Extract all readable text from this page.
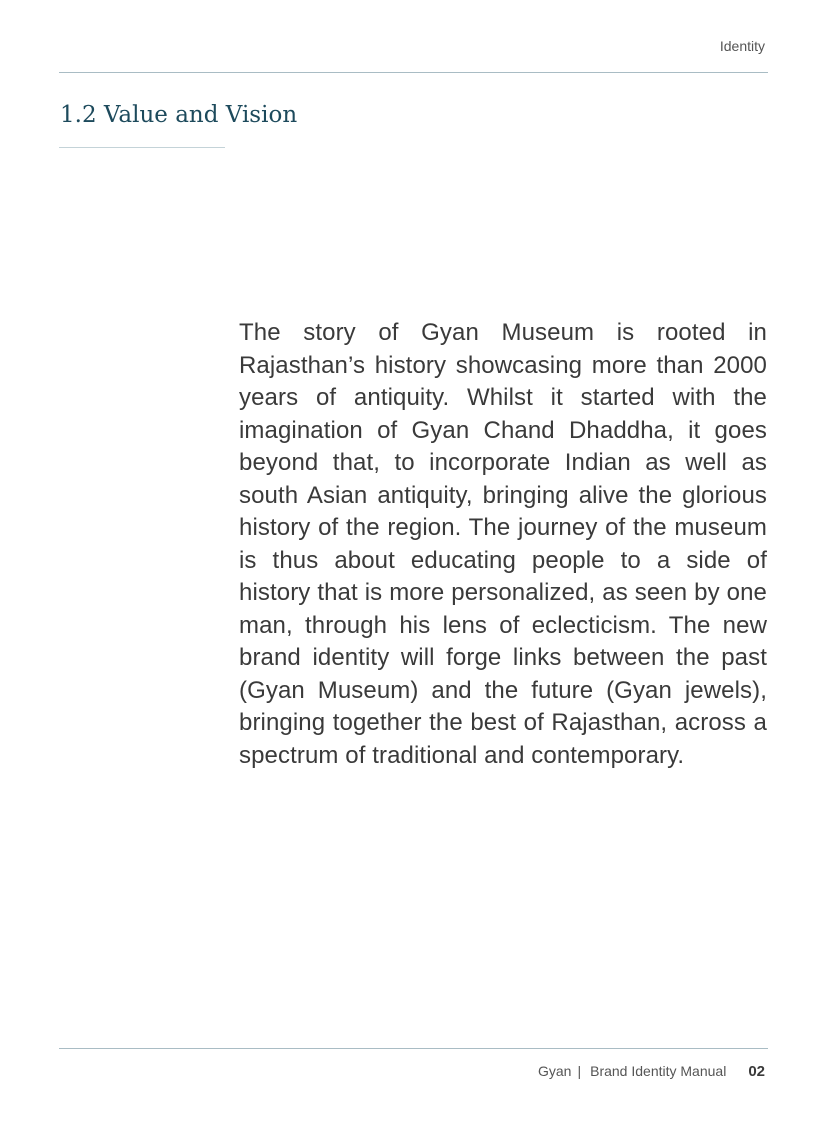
Identity
1.2 Value and Vision

The story of Gyan Museum is rooted in Rajasthan’s history showcasing more than 2000 years of antiquity. Whilst it started with the imagination of Gyan Chand Dhaddha, it goes beyond that, to incorporate Indian as well as south Asian antiquity, bringing alive the glorious history of the region. The journey of the museum is thus about educating people to a side of history that is more personalized, as seen by one man, through his lens of eclecticism. The new brand identity will forge links between the past (Gyan Museum) and the future (Gyan jewels), bringing together the best of Rajasthan, across a spectrum of traditional and contemporary.

Gyan | Brand Identity Manual 02
